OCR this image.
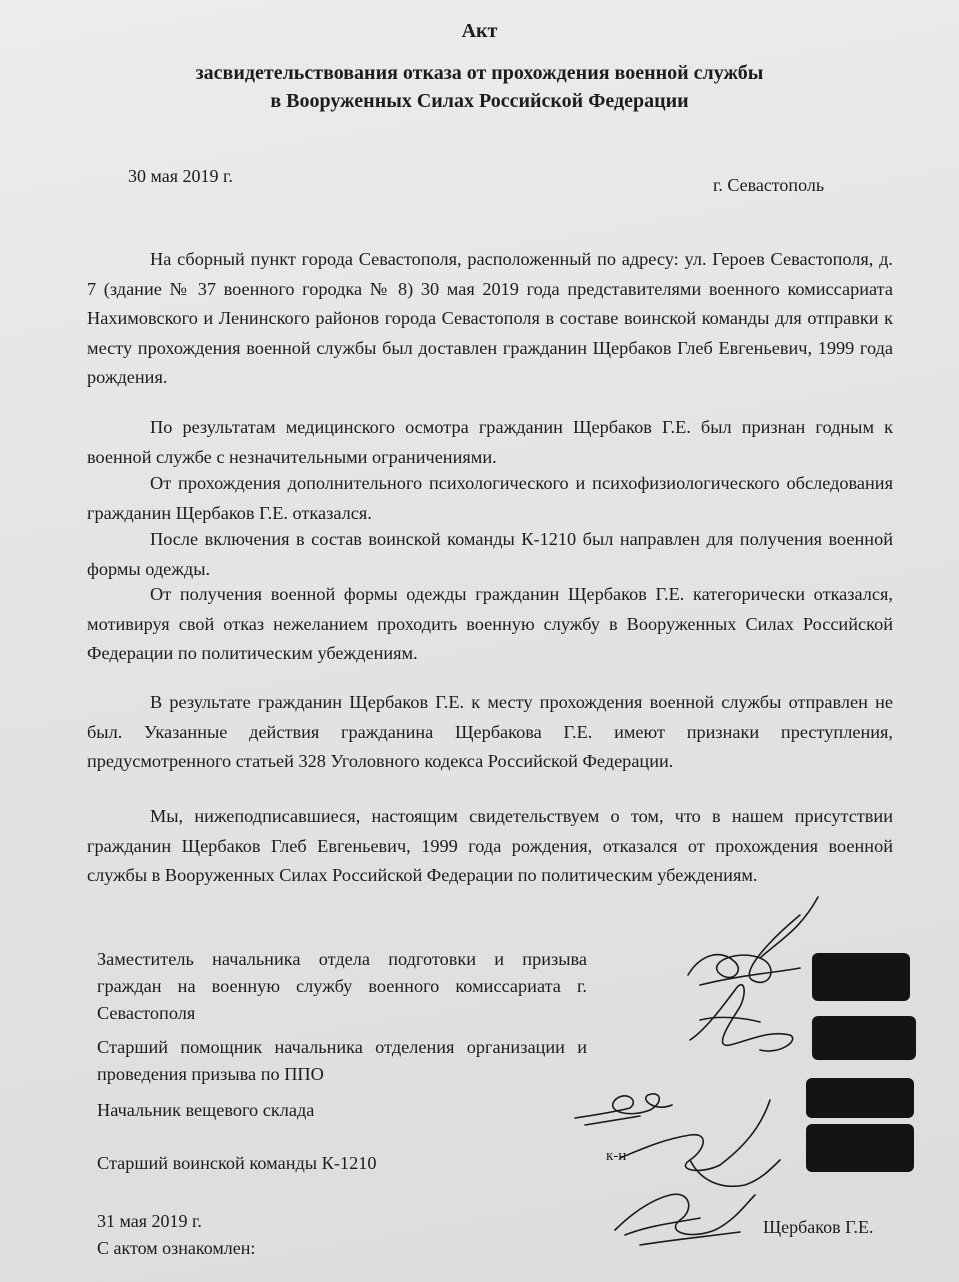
Акт
засвидетельствования отказа от прохождения военной службы
в Вооруженных Силах Российской Федерации
30 мая 2019 г.	г. Севастополь

На сборный пункт города Севастополя, расположенный по адресу: ул. Героев Севастополя, д. 7 (здание № 37 военного городка № 8) 30 мая 2019 года представителями военного комиссариата Нахимовского и Ленинского районов города Севастополя в составе воинской команды для отправки к месту прохождения военной службы был доставлен гражданин Щербаков Глеб Евгеньевич, 1999 года рождения.

По результатам медицинского осмотра гражданин Щербаков Г.Е. был признан годным к военной службе с незначительными ограничениями.

От прохождения дополнительного психологического и психофизиологического обследования гражданин Щербаков Г.Е. отказался.

После включения в состав воинской команды К-1210 был направлен для получения военной формы одежды.

От получения военной формы одежды гражданин Щербаков Г.Е. категорически отказался, мотивируя свой отказ нежеланием проходить военную службу в Вооруженных Силах Российской Федерации по политическим убеждениям.

В результате гражданин Щербаков Г.Е. к месту прохождения военной службы отправлен не был. Указанные действия гражданина Щербакова Г.Е. имеют признаки преступления, предусмотренного статьей 328 Уголовного кодекса Российской Федерации.

Мы, нижеподписавшиеся, настоящим свидетельствуем о том, что в нашем присутствии гражданин Щербаков Глеб Евгеньевич, 1999 года рождения, отказался от прохождения военной службы в Вооруженных Силах Российской Федерации по политическим убеждениям.

Заместитель начальника отдела подготовки и призыва граждан на военную службу военного комиссариата г. Севастополя

Старший помощник начальника отделения организации и проведения призыва по ППО

Начальник вещевого склада

Старший воинской команды К-1210	к-н
31 мая 2019 г.
С актом ознакомлен:
Щербаков Г.Е.
